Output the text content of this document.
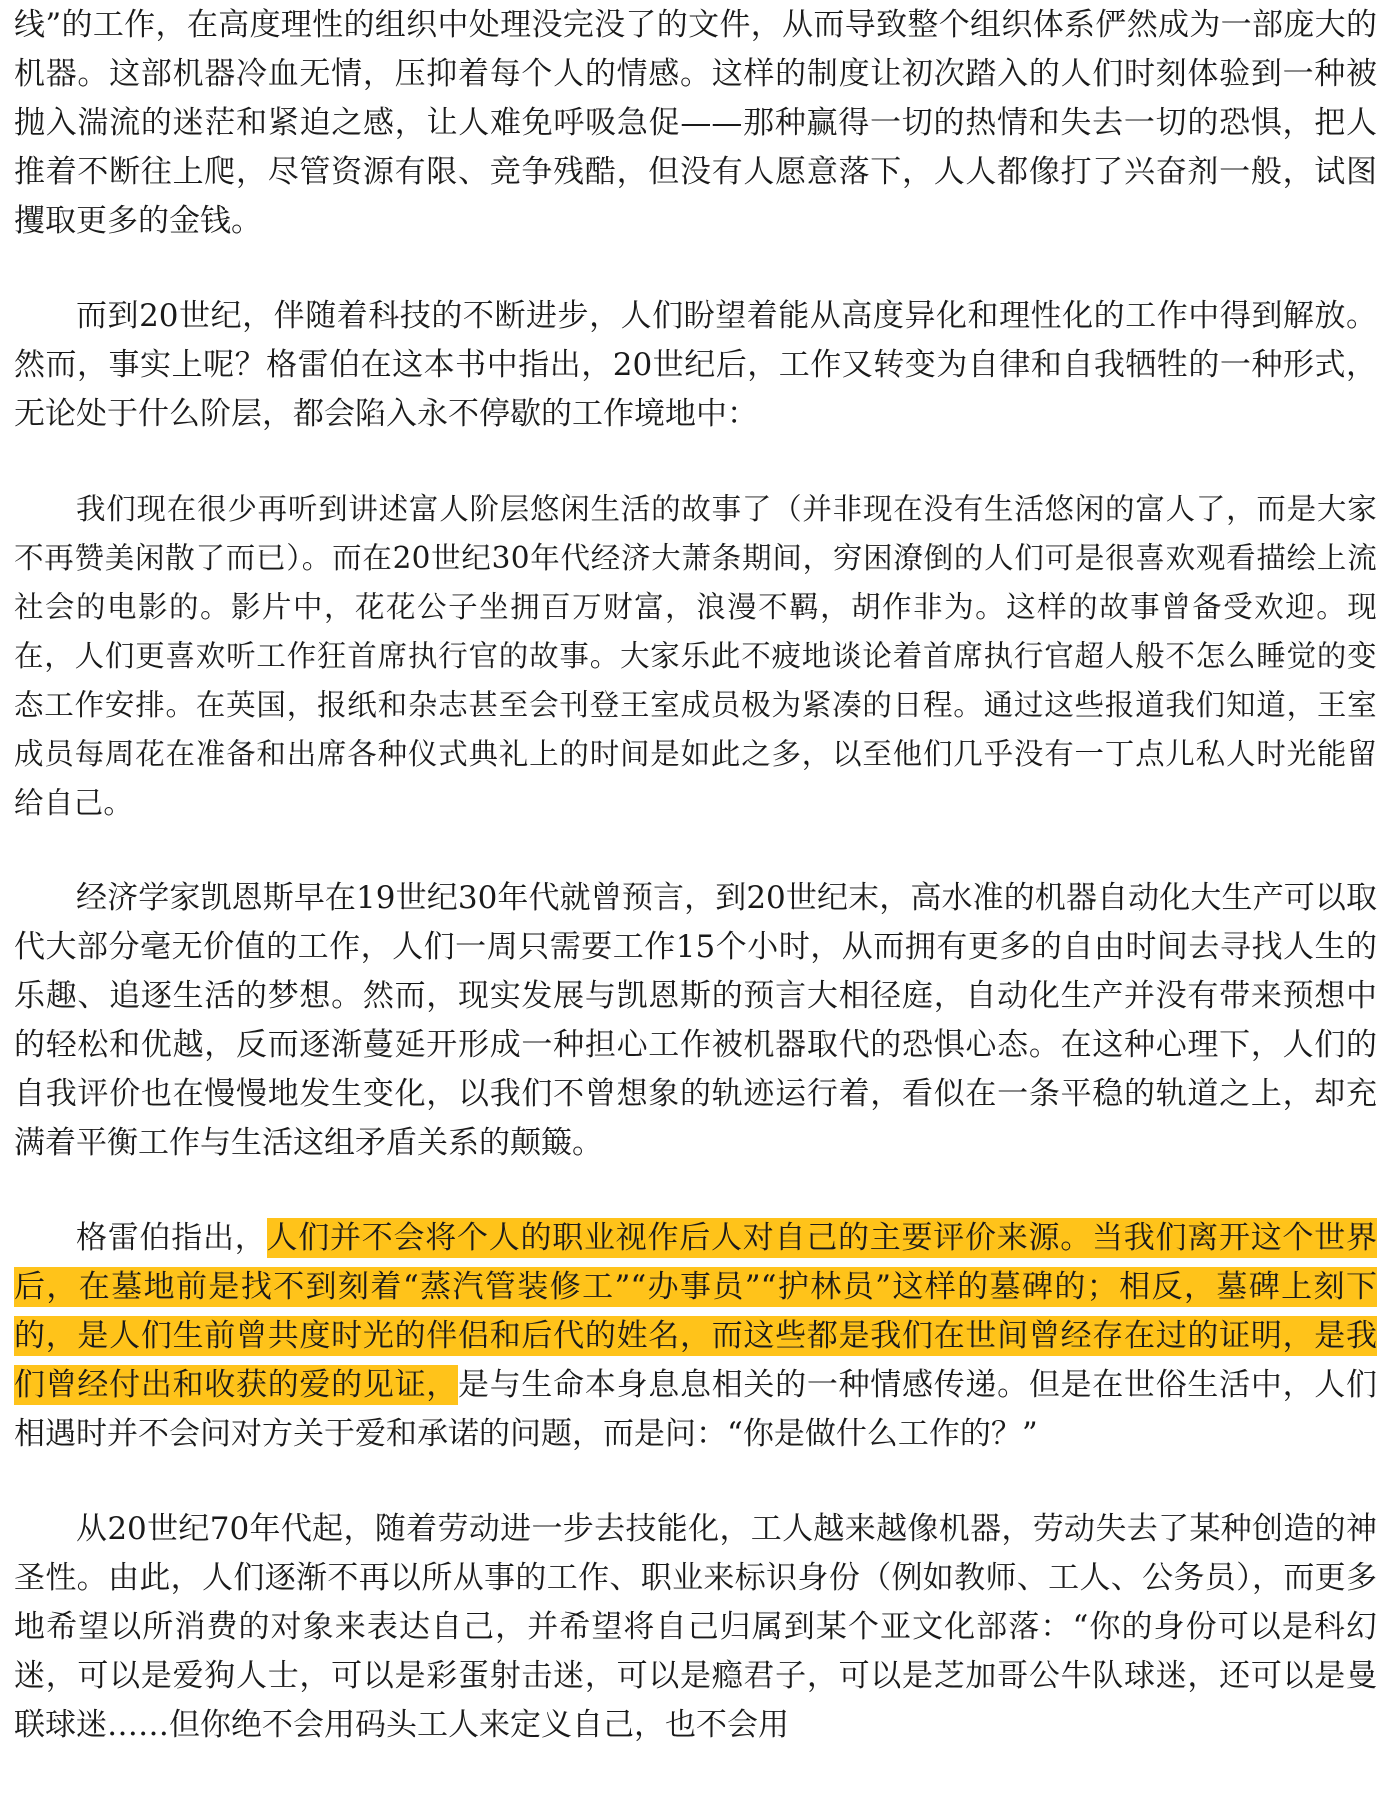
线”的工作，在高度理性的组织中处理没完没了的文件，从而导致整个组织体系俨然成为一部庞大的机器。这部机器冷血无情，压抑着每个人的情感。这样的制度让初次踏入的人们时刻体验到一种被抛入湍流的迷茫和紧迫之感，让人难免呼吸急促——那种赢得一切的热情和失去一切的恐惧，把人推着不断往上爬，尽管资源有限、竞争残酷，但没有人愿意落下，人人都像打了兴奋剂一般，试图攫取更多的金钱。

而到20世纪，伴随着科技的不断进步，人们盼望着能从高度异化和理性化的工作中得到解放。然而，事实上呢？格雷伯在这本书中指出，20世纪后，工作又转变为自律和自我牺牲的一种形式，无论处于什么阶层，都会陷入永不停歇的工作境地中：

我们现在很少再听到讲述富人阶层悠闲生活的故事了（并非现在没有生活悠闲的富人了，而是大家不再赞美闲散了而已）。而在20世纪30年代经济大萧条期间，穷困潦倒的人们可是很喜欢观看描绘上流社会的电影的。影片中，花花公子坐拥百万财富，浪漫不羁，胡作非为。这样的故事曾备受欢迎。现在，人们更喜欢听工作狂首席执行官的故事。大家乐此不疲地谈论着首席执行官超人般不怎么睡觉的变态工作安排。在英国，报纸和杂志甚至会刊登王室成员极为紧凑的日程。通过这些报道我们知道，王室成员每周花在准备和出席各种仪式典礼上的时间是如此之多，以至他们几乎没有一丁点儿私人时光能留给自己。

经济学家凯恩斯早在19世纪30年代就曾预言，到20世纪末，高水准的机器自动化大生产可以取代大部分毫无价值的工作，人们一周只需要工作15个小时，从而拥有更多的自由时间去寻找人生的乐趣、追逐生活的梦想。然而，现实发展与凯恩斯的预言大相径庭，自动化生产并没有带来预想中的轻松和优越，反而逐渐蔓延开形成一种担心工作被机器取代的恐惧心态。在这种心理下，人们的自我评价也在慢慢地发生变化，以我们不曾想象的轨迹运行着，看似在一条平稳的轨道之上，却充满着平衡工作与生活这组矛盾关系的颠簸。

格雷伯指出，人们并不会将个人的职业视作后人对自己的主要评价来源。当我们离开这个世界后，在墓地前是找不到刻着“蒸汽管装修工”“办事员”“护林员”这样的墓碑的；相反，墓碑上刻下的，是人们生前曾共度时光的伴侣和后代的姓名，而这些都是我们在世间曾经存在过的证明，是我们曾经付出和收获的爱的见证，是与生命本身息息相关的一种情感传递。但是在世俗生活中，人们相遇时并不会问对方关于爱和承诺的问题，而是问：“你是做什么工作的？”

从20世纪70年代起，随着劳动进一步去技能化，工人越来越像机器，劳动失去了某种创造的神圣性。由此，人们逐渐不再以所从事的工作、职业来标识身份（例如教师、工人、公务员），而更多地希望以所消费的对象来表达自己，并希望将自己归属到某个亚文化部落：“你的身份可以是科幻迷，可以是爱狗人士，可以是彩蛋射击迷，可以是瘾君子，可以是芝加哥公牛队球迷，还可以是曼联球迷……但你绝不会用码头工人来定义自己，也不会用
